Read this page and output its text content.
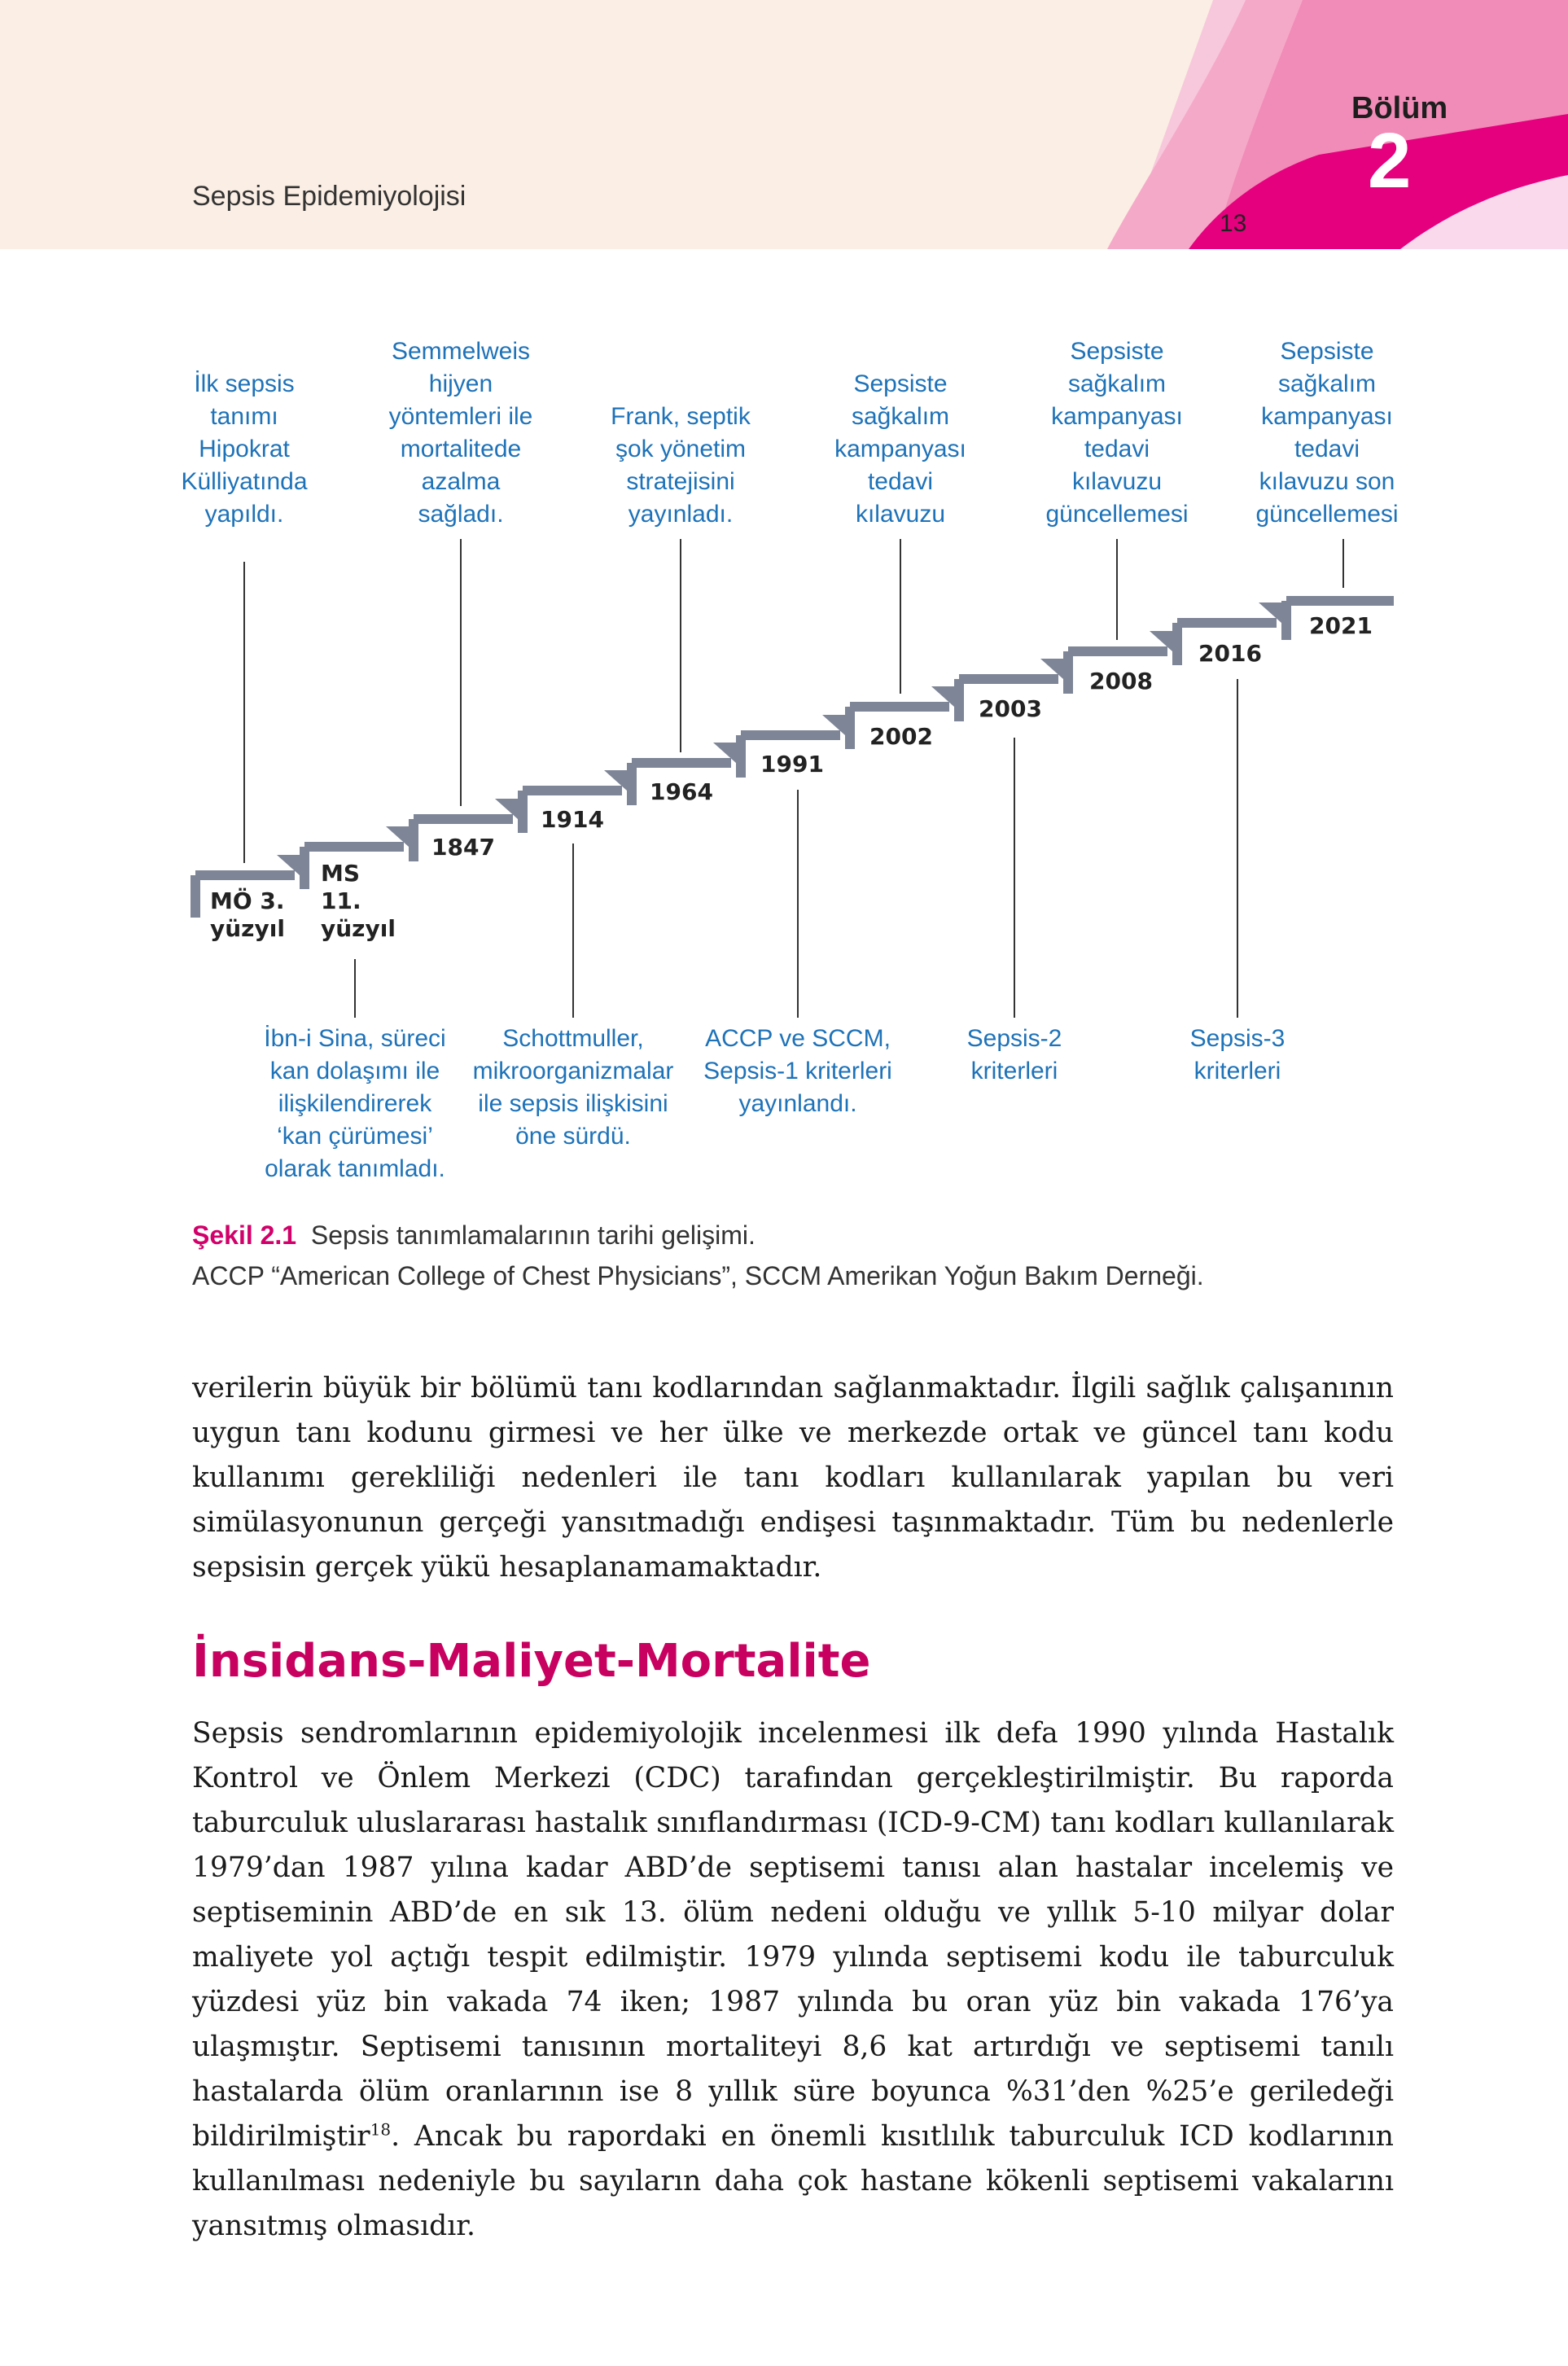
Sepsis Epidemiyolojisi
13
Bölüm
2
MÖ 3.
yüzyıl
MS
11.
yüzyıl
1847
1914
1964
1991
2002
2003
2008
2016
2021
İlk sepsis
tanımı
Hipokrat
Külliyatında
yapıldı.
Semmelweis
hijyen
yöntemleri ile
mortalitede
azalma
sağladı.
Frank, septik
şok yönetim
stratejisini
yayınladı.
Sepsiste
sağkalım
kampanyası
tedavi
kılavuzu
Sepsiste
sağkalım
kampanyası
tedavi
kılavuzu
güncellemesi
Sepsiste
sağkalım
kampanyası
tedavi
kılavuzu son
güncellemesi
İbn-i Sina, süreci
kan dolaşımı ile
ilişkilendirerek
‘kan çürümesi’
olarak tanımladı.
Schottmuller,
mikroorganizmalar
ile sepsis ilişkisini
öne sürdü.
ACCP ve SCCM,
Sepsis-1 kriterleri
yayınlandı.
Sepsis-2
kriterleri
Sepsis-3
kriterleri
Şekil 2.1 Sepsis tanımlamalarının tarihi gelişimi.
ACCP “American College of Chest Physicians”, SCCM Amerikan Yoğun Bakım Derneği.

verilerin büyük bir bölümü tanı kodlarından sağlanmaktadır. İlgili sağlık çalışanının uygun tanı kodunu girmesi ve her ülke ve merkezde ortak ve güncel tanı kodu kullanımı gerekliliği nedenleri ile tanı kodları kullanılarak yapılan bu veri simülasyonunun gerçeği yansıtmadığı endişesi taşınmaktadır. Tüm bu nedenlerle sepsisin gerçek yükü hesaplanamamaktadır.

İnsidans-Maliyet-Mortalite

Sepsis sendromlarının epidemiyolojik incelenmesi ilk defa 1990 yılında Hastalık Kontrol ve Önlem Merkezi (CDC) tarafından gerçekleştirilmiştir. Bu raporda taburculuk uluslararası hastalık sınıflandırması (ICD-9-CM) tanı kodları kullanılarak 1979’dan 1987 yılına kadar ABD’de septisemi tanısı alan hastalar incelemiş ve septiseminin ABD’de en sık 13. ölüm nedeni olduğu ve yıllık 5-10 milyar dolar maliyete yol açtığı tespit edilmiştir. 1979 yılında septisemi kodu ile taburculuk yüzdesi yüz bin vakada 74 iken; 1987 yılında bu oran yüz bin vakada 176’ya ulaşmıştır. Septisemi tanısının mortaliteyi 8,6 kat artırdığı ve septisemi tanılı hastalarda ölüm oranlarının ise 8 yıllık süre boyunca %31’den %25’e geriledeği bildirilmiştir$^{18}$. Ancak bu rapordaki en önemli kısıtlılık taburculuk ICD kodlarının kullanılması nedeniyle bu sayıların daha çok hastane kökenli septisemi vakalarını yansıtmış olmasıdır.
